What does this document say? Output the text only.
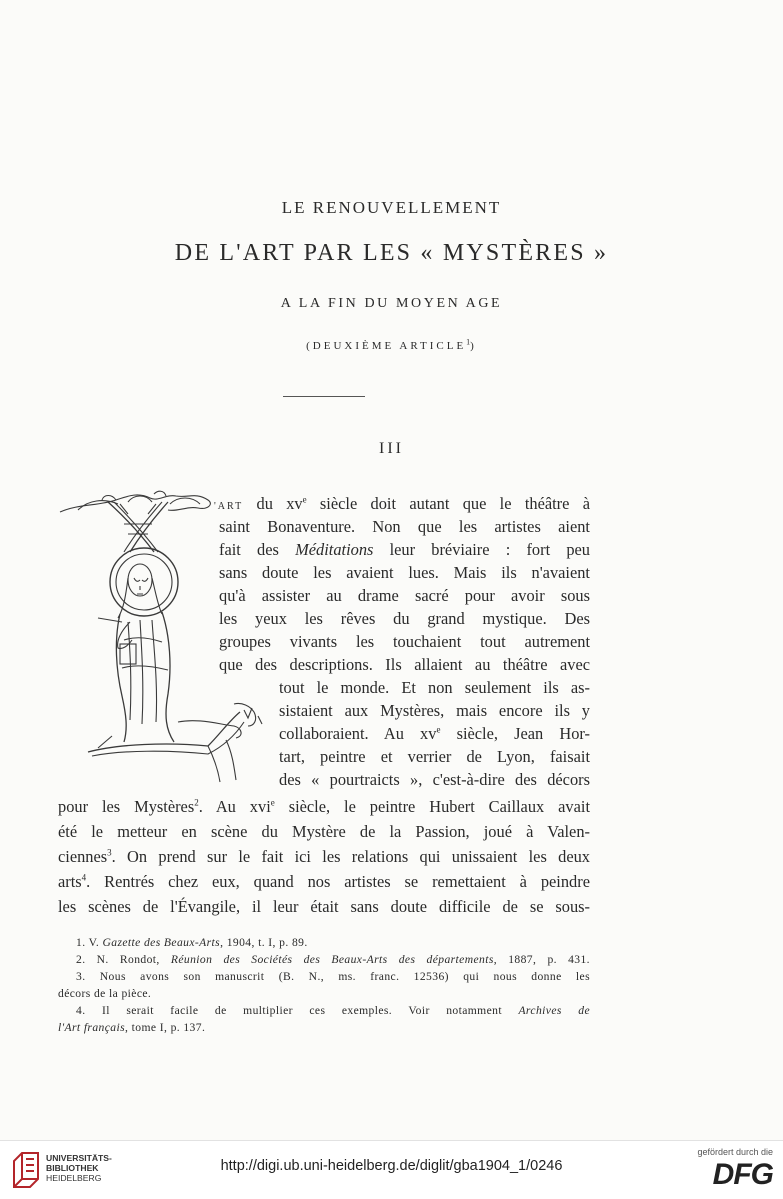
LE RENOUVELLEMENT
DE L'ART PAR LES « MYSTÈRES »
A LA FIN DU MOYEN AGE
(DEUXIÈME ARTICLE$^1$)
III
'ART du $xv^e$ siècle doit autant que le théâtre à
saint Bonaventure. Non que les artistes aient
fait des Méditations leur bréviaire : fort peu
sans doute les avaient lues. Mais ils n'avaient
qu'à assister au drame sacré pour avoir sous
les yeux les rêves du grand mystique. Des
groupes vivants les touchaient tout autrement
que des descriptions. Ils allaient au théâtre avec
tout le monde. Et non seulement ils as-
sistaient aux Mystères, mais encore ils y
collaboraient. Au $xv^e$ siècle, Jean Hor-
tart, peintre et verrier de Lyon, faisait
des « pourtraicts », c'est-à-dire des décors
pour les Mystères$^2$. Au xvi$^e$ siècle, le peintre Hubert Caillaux avait
été le metteur en scène du Mystère de la Passion, joué à Valen-
ciennes$^3$. On prend sur le fait ici les relations qui unissaient les deux
arts$^4$. Rentrés chez eux, quand nos artistes se remettaient à peindre
les scènes de l'Évangile, il leur était sans doute difficile de se sous-
1. V. Gazette des Beaux-Arts, 1904, t. I, p. 89.
2. N. Rondot, Réunion des Sociétés des Beaux-Arts des départements, 1887, p. 431.
3. Nous avons son manuscrit (B. N., ms. franc. 12536) qui nous donne les
décors de la pièce.
4. Il serait facile de multiplier ces exemples. Voir notamment Archives de
l'Art français, tome I, p. 137.
UNIVERSITÄTS-
BIBLIOTHEK
HEIDELBERG
http://digi.ub.uni-heidelberg.de/diglit/gba1904_1/0246
gefördert durch die
DFG
